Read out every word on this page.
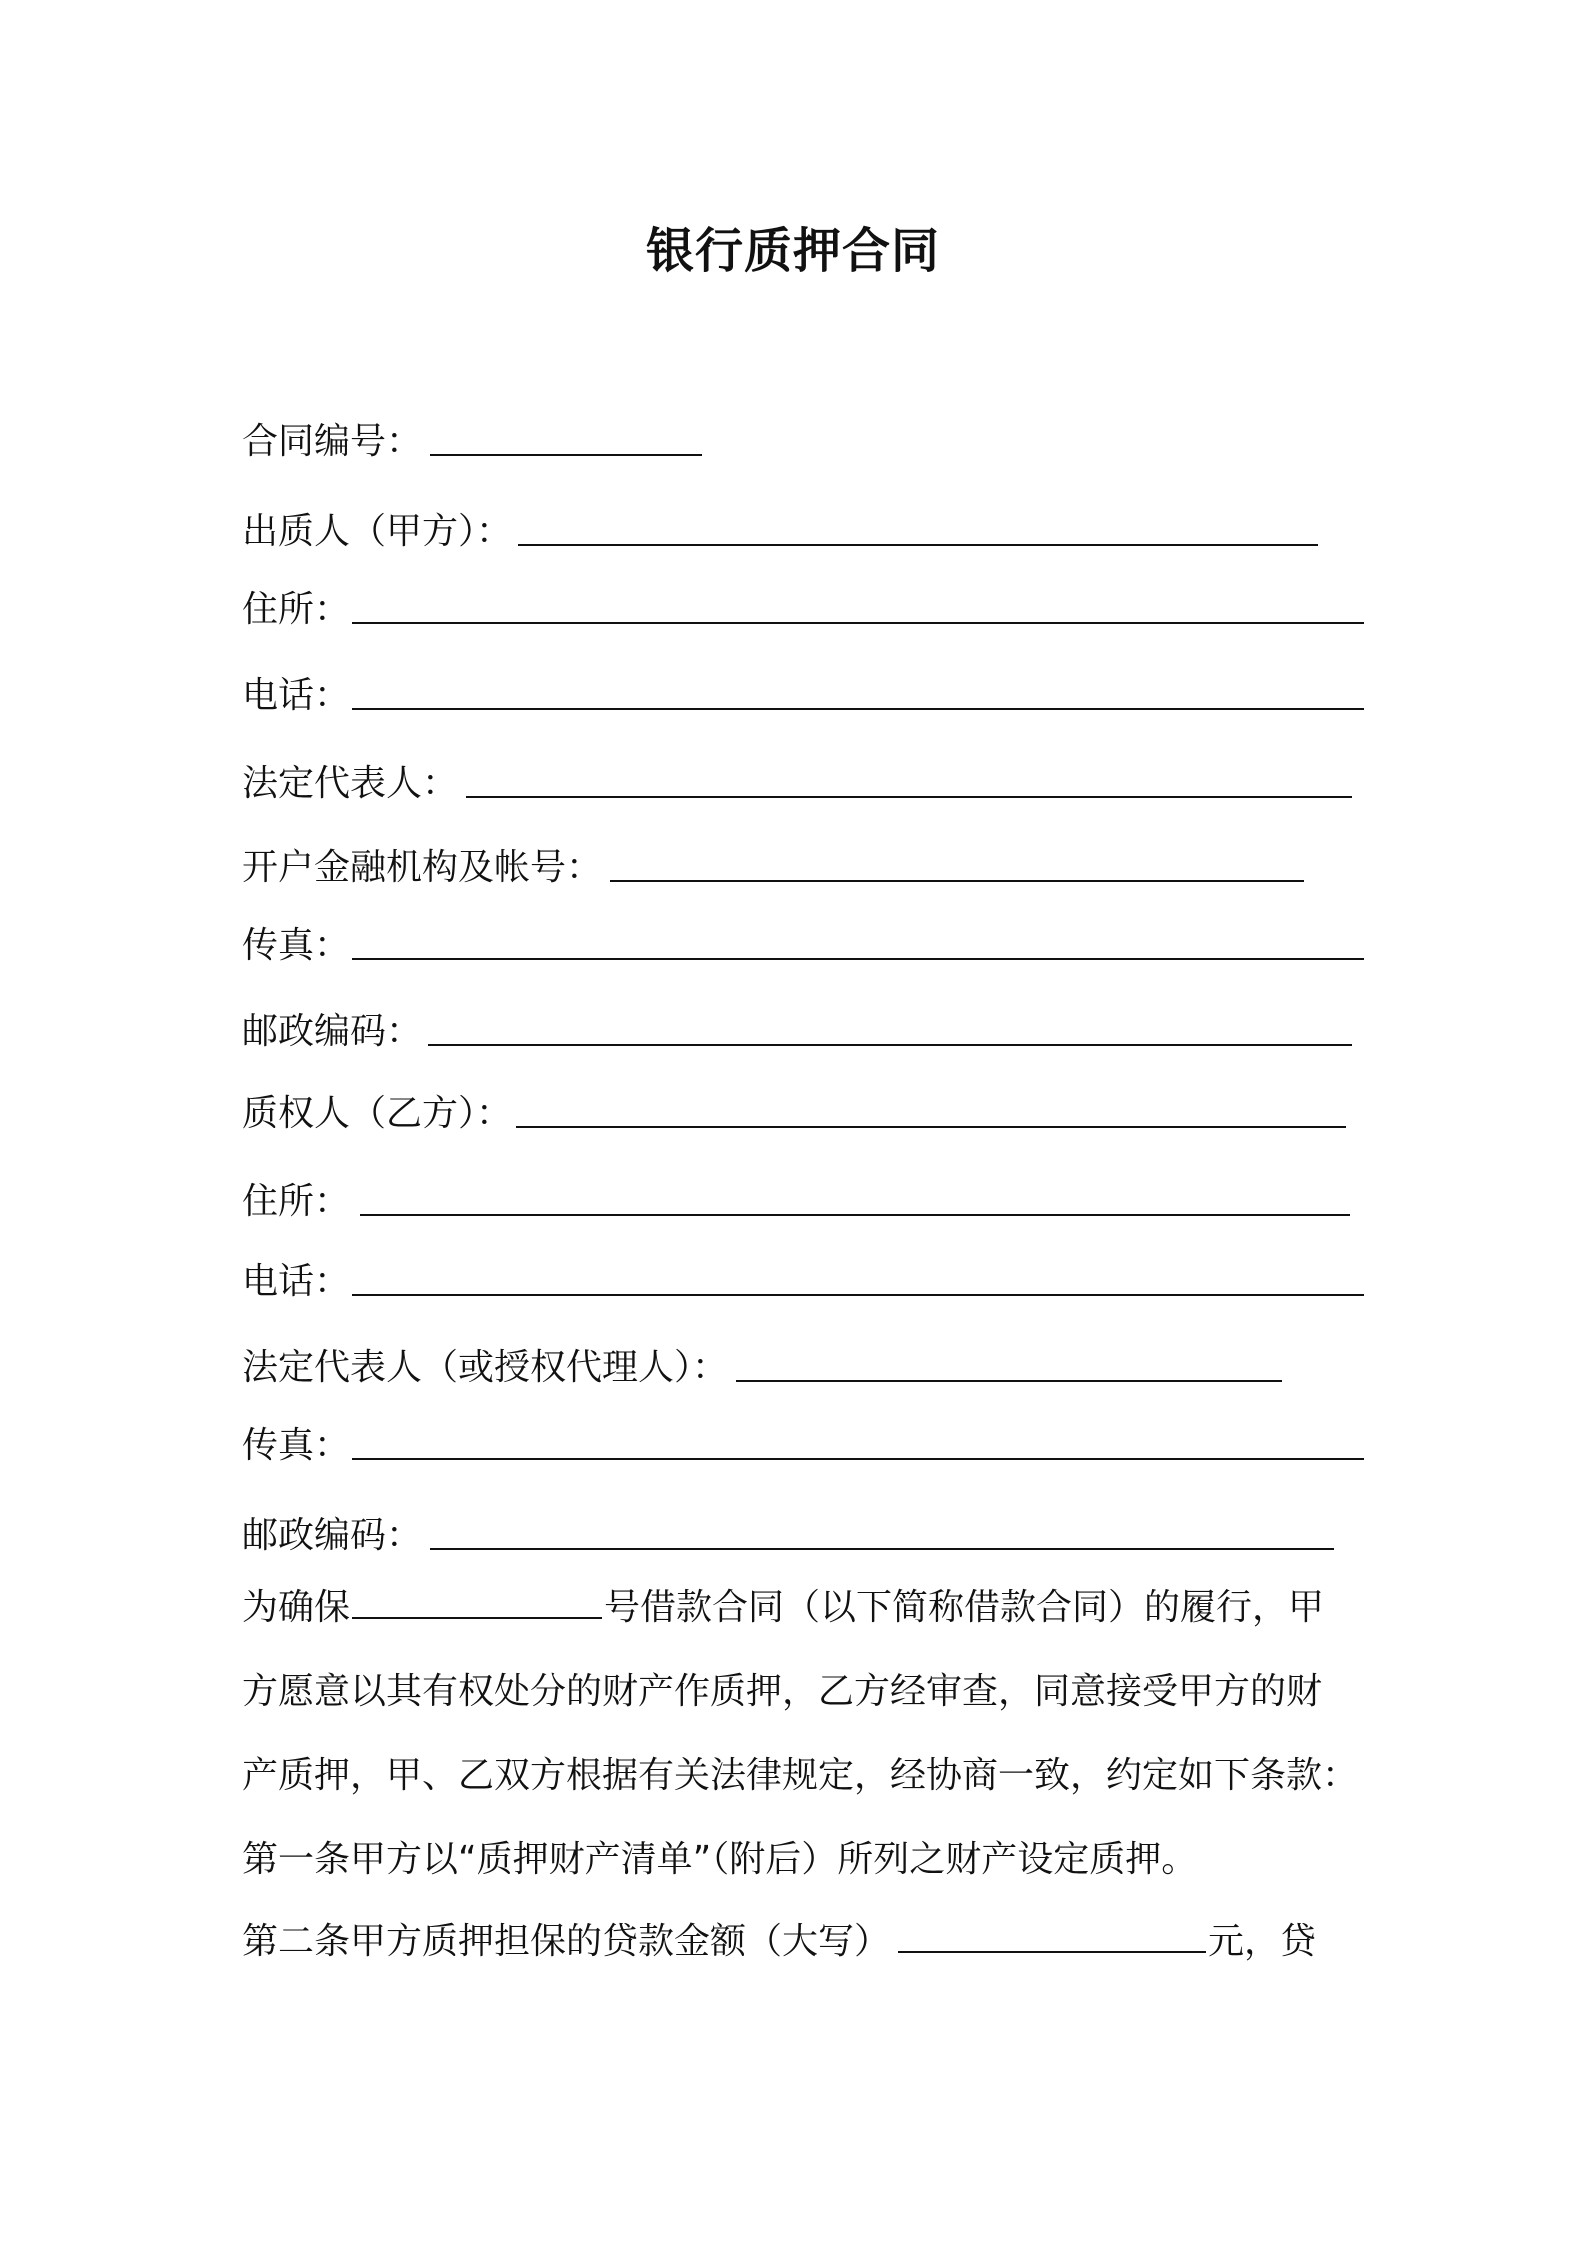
银行质押合同
合同编号：
出质人（甲方）：
住所：
电话：
法定代表人：
开户金融机构及帐号：
传真：
邮政编码：
质权人（乙方）：
住所：
电话：
法定代表人（或授权代理人）：
传真：
邮政编码：
为确保	号借款合同（以下简称借款合同）的履行，甲
方愿意以其有权处分的财产作质押，乙方经审查，同意接受甲方的财
产质押，甲、乙双方根据有关法律规定，经协商一致，约定如下条款：
第一条甲方以“质押财产清单”（附后）所列之财产设定质押。
第二条甲方质押担保的贷款金额（大写）	元，贷
